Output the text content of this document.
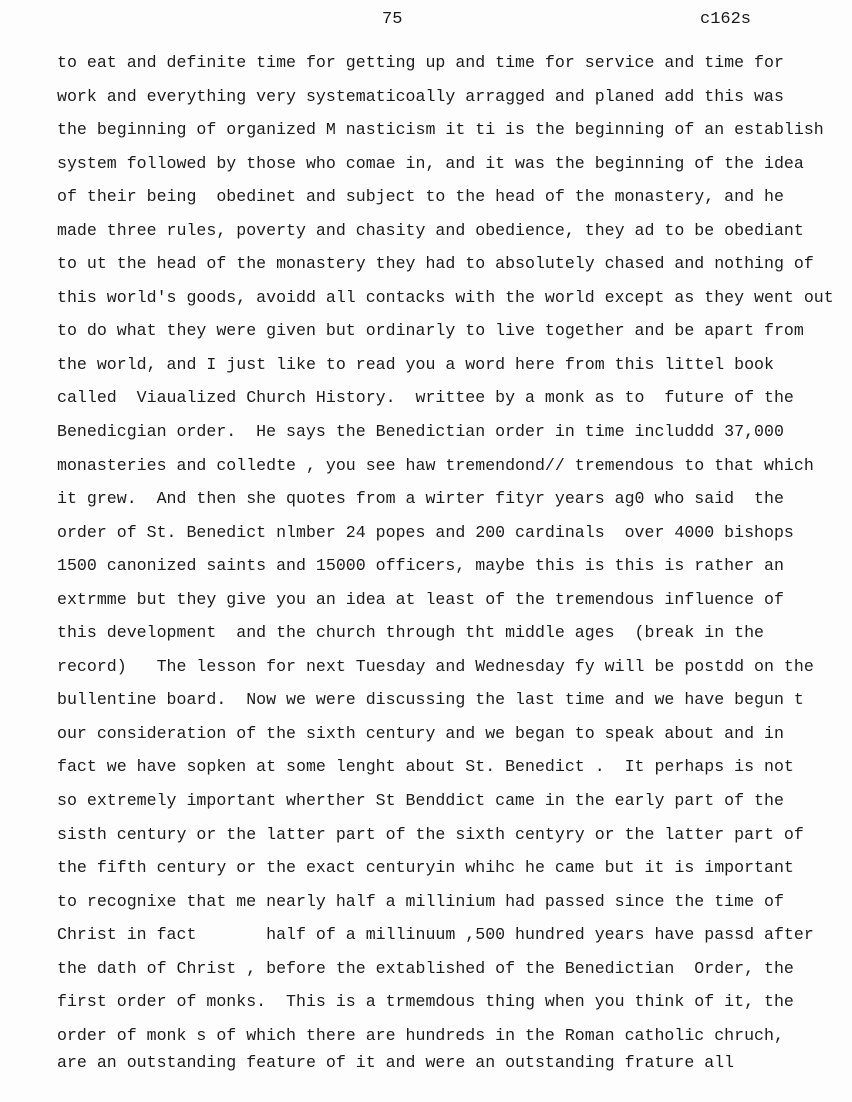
75	c162s
to eat and definite time for getting up and time for service and time for
work and everything very systematicoally arragged and planed add this was
the beginning of organized M nasticism it ti is the beginning of an establish
system followed by those who comae in, and it was the beginning of the idea
of their being  obedinet and subject to the head of the monastery, and he
made three rules, poverty and chasity and obedience, they ad to be obediant
to ut the head of the monastery they had to absolutely chased and nothing of
this world's goods, avoidd all contacks with the world except as they went out
to do what they were given but ordinarly to live together and be apart from
the world, and I just like to read you a word here from this littel book
called  Viaualized Church History.  writtee by a monk as to  future of the
Benedicgian order.  He says the Benedictian order in time includdd 37,000
monasteries and colledte , you see haw tremendond// tremendous to that which
it grew.  And then she quotes from a wirter fityr years ag0 who said  the
order of St. Benedict nlmber 24 popes and 200 cardinals  over 4000 bishops
1500 canonized saints and 15000 officers, maybe this is this is rather an
extrmme but they give you an idea at least of the tremendous influence of
this development  and the church through tht middle ages  (break in the
record)   The lesson for next Tuesday and Wednesday fy will be postdd on the
bullentine board.  Now we were discussing the last time and we have begun t
our consideration of the sixth century and we began to speak about and in
fact we have sopken at some lenght about St. Benedict .  It perhaps is not
so extremely important wherther St Benddict came in the early part of the
sisth century or the latter part of the sixth centyry or the latter part of
the fifth century or the exact centuryin whihc he came but it is important
to recognixe that me nearly half a millinium had passed since the time of
Christ in fact       half of a millinuum ,500 hundred years have passd after
the dath of Christ , before the extablished of the Benedictian  Order, the
first order of monks.  This is a trmemdous thing when you think of it, the
order of monk s of which there are hundreds in the Roman catholic chruch,
are an outstanding feature of it and were an outstanding frature all
